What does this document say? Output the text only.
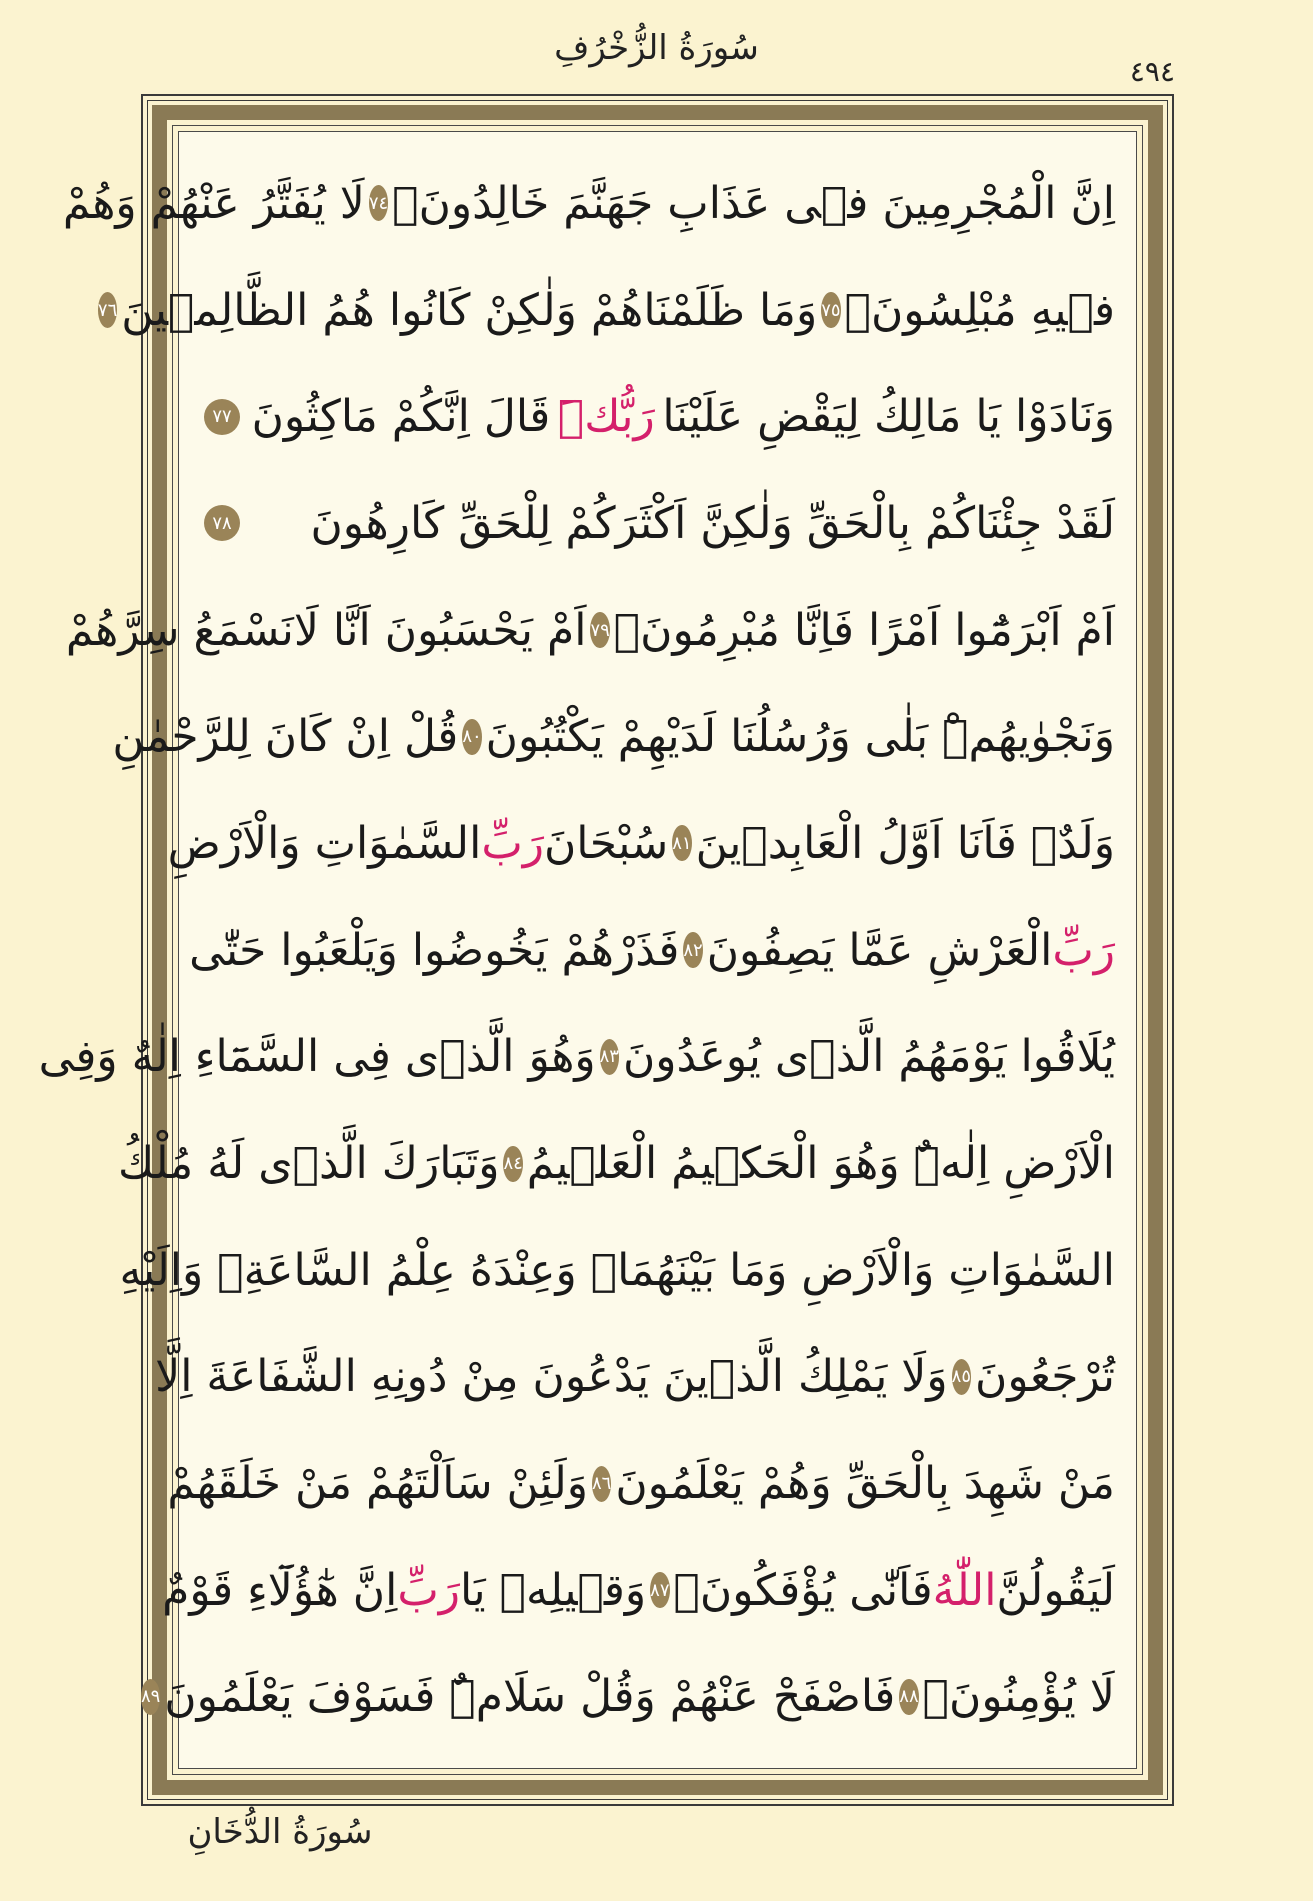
سُورَةُ الزُّخْرُفِ
٤٩٤
اِنَّ الْمُجْرِمِينَ فٖى عَذَابِ جَهَنَّمَ خَالِدُونَۚ
٧٤
لَا يُفَتَّرُ عَنْهُمْ وَهُمْ
فٖيهِ مُبْلِسُونَۚ
٧٥
وَمَا ظَلَمْنَاهُمْ وَلٰكِنْ كَانُوا هُمُ الظَّالِمٖينَ
٧٦
وَنَادَوْا يَا مَالِكُ لِيَقْضِ عَلَيْنَا
رَبُّكَۜ
قَالَ اِنَّكُمْ مَاكِثُونَ
٧٧
لَقَدْ جِئْنَاكُمْ بِالْحَقِّ وَلٰكِنَّ اَكْثَرَكُمْ لِلْحَقِّ كَارِهُونَ
٧٨
اَمْ اَبْرَمُٓوا اَمْرًا فَاِنَّا مُبْرِمُونَۚ
٧٩
اَمْ يَحْسَبُونَ اَنَّا لَانَسْمَعُ سِرَّهُمْ
وَنَجْوٰيهُمْۜ بَلٰى وَرُسُلُنَا لَدَيْهِمْ يَكْتُبُونَ
٨٠
قُلْ اِنْ كَانَ لِلرَّحْمٰنِ
وَلَدٌۗ فَاَنَا اَوَّلُ الْعَابِدٖينَ
٨١
سُبْحَانَ
رَبِّ
السَّمٰوَاتِ وَالْاَرْضِ
رَبِّ
الْعَرْشِ عَمَّا يَصِفُونَ
٨٢
فَذَرْهُمْ يَخُوضُوا وَيَلْعَبُوا حَتّٰى
يُلَاقُوا يَوْمَهُمُ الَّذٖى يُوعَدُونَ
٨٣
وَهُوَ الَّذٖى فِى السَّمَٓاءِ اِلٰهٌ وَفِى
الْاَرْضِ اِلٰهٌۜ وَهُوَ الْحَكٖيمُ الْعَلٖيمُ
٨٤
وَتَبَارَكَ الَّذٖى لَهُ مُلْكُ
السَّمٰوَاتِ وَالْاَرْضِ وَمَا بَيْنَهُمَاۚ وَعِنْدَهُ عِلْمُ السَّاعَةِۚ وَاِلَيْهِ
تُرْجَعُونَ
٨٥
وَلَا يَمْلِكُ الَّذٖينَ يَدْعُونَ مِنْ دُونِهِ الشَّفَاعَةَ اِلَّا
مَنْ شَهِدَ بِالْحَقِّ وَهُمْ يَعْلَمُونَ
٨٦
وَلَئِنْ سَاَلْتَهُمْ مَنْ خَلَقَهُمْ
لَيَقُولُنَّ
اللّٰهُ
فَاَنّٰى يُؤْفَكُونَۙ
٨٧
وَقٖيلِهٖ يَا
رَبِّ
اِنَّ هٰٓؤُلَٓاءِ قَوْمٌ
لَا يُؤْمِنُونَۢ
٨٨
فَاصْفَحْ عَنْهُمْ وَقُلْ سَلَامٌۜ فَسَوْفَ يَعْلَمُونَ
٨٩
سُورَةُ الدُّخَانِ
